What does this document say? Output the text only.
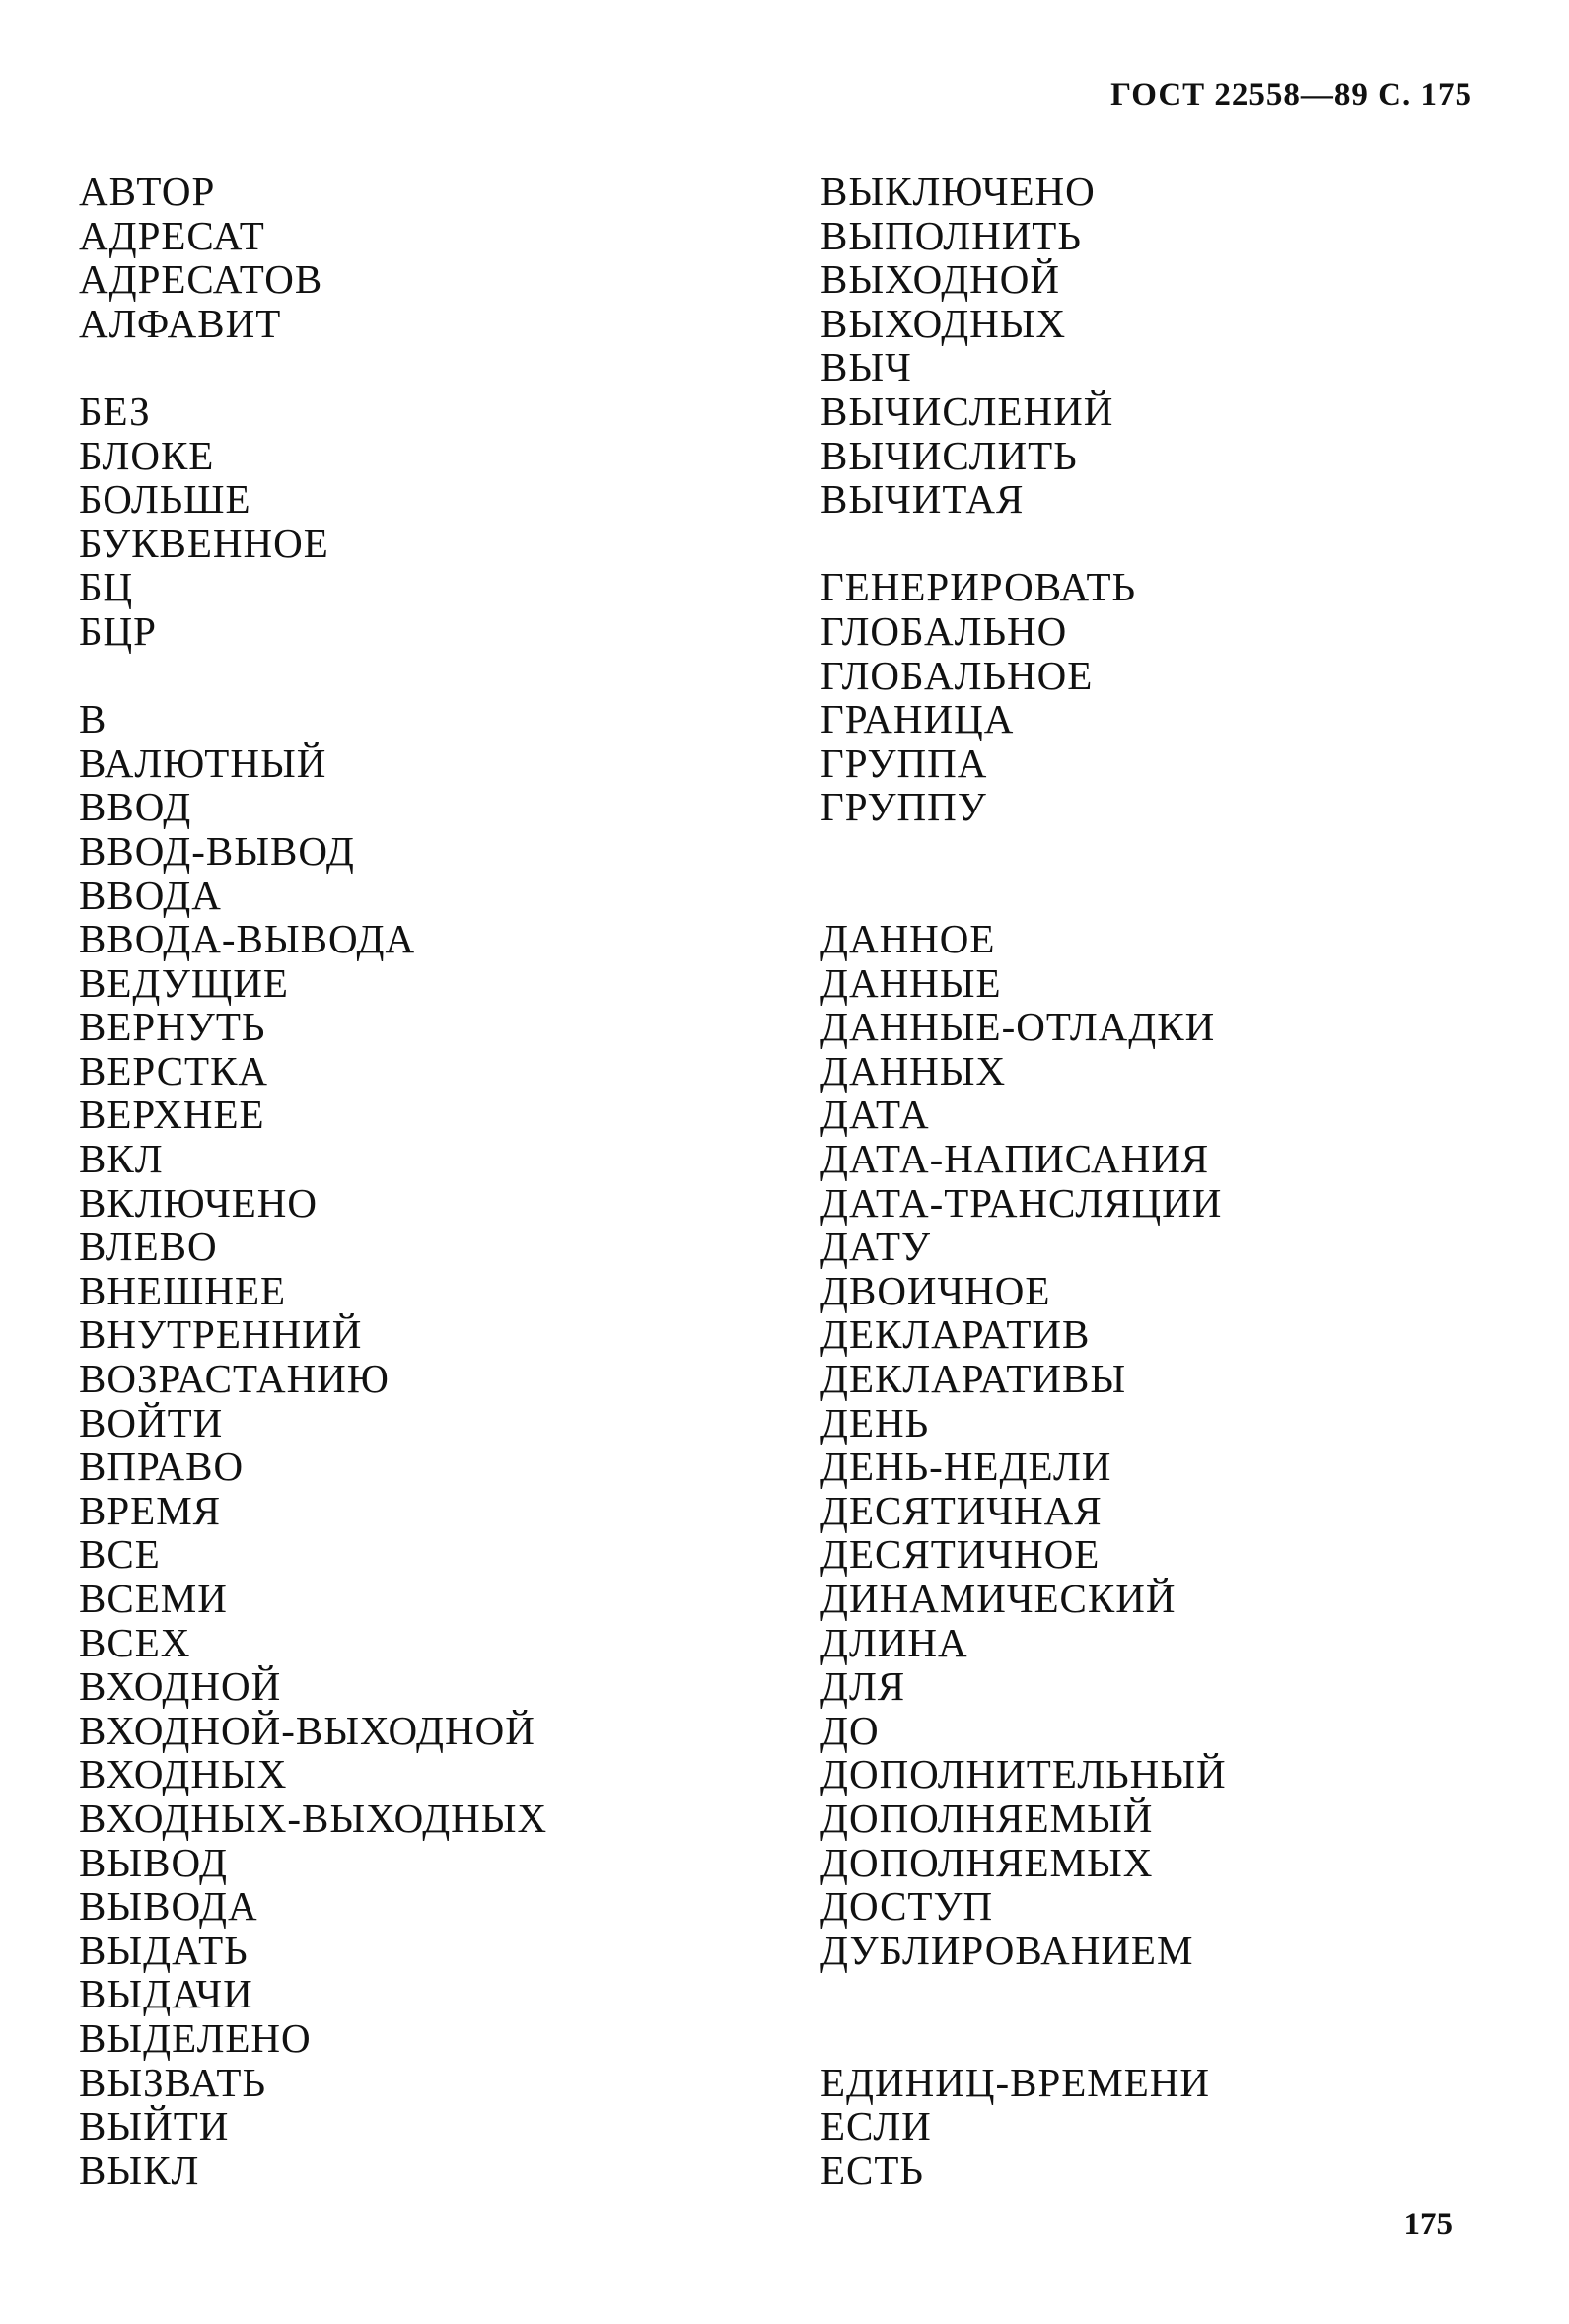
ГОСТ 22558—89 С. 175
АВТОР
АДРЕСАТ
АДРЕСАТОВ
АЛФАВИТ
БЕЗ
БЛОКЕ
БОЛЬШЕ
БУКВЕННОЕ
БЦ
БЦР
В
ВАЛЮТНЫЙ
ВВОД
ВВОД-ВЫВОД
ВВОДА
ВВОДА-ВЫВОДА
ВЕДУЩИЕ
ВЕРНУТЬ
ВЕРСТКА
ВЕРХНЕЕ
ВКЛ
ВКЛЮЧЕНО
ВЛЕВО
ВНЕШНЕЕ
ВНУТРЕННИЙ
ВОЗРАСТАНИЮ
ВОЙТИ
ВПРАВО
ВРЕМЯ
ВСЕ
ВСЕМИ
ВСЕХ
ВХОДНОЙ
ВХОДНОЙ-ВЫХОДНОЙ
ВХОДНЫХ
ВХОДНЫХ-ВЫХОДНЫХ
ВЫВОД
ВЫВОДА
ВЫДАТЬ
ВЫДАЧИ
ВЫДЕЛЕНО
ВЫЗВАТЬ
ВЫЙТИ
ВЫКЛ
ВЫКЛЮЧЕНО
ВЫПОЛНИТЬ
ВЫХОДНОЙ
ВЫХОДНЫХ
ВЫЧ
ВЫЧИСЛЕНИЙ
ВЫЧИСЛИТЬ
ВЫЧИТАЯ
ГЕНЕРИРОВАТЬ
ГЛОБАЛЬНО
ГЛОБАЛЬНОЕ
ГРАНИЦА
ГРУППА
ГРУППУ
ДАННОЕ
ДАННЫЕ
ДАННЫЕ-ОТЛАДКИ
ДАННЫХ
ДАТА
ДАТА-НАПИСАНИЯ
ДАТА-ТРАНСЛЯЦИИ
ДАТУ
ДВОИЧНОЕ
ДЕКЛАРАТИВ
ДЕКЛАРАТИВЫ
ДЕНЬ
ДЕНЬ-НЕДЕЛИ
ДЕСЯТИЧНАЯ
ДЕСЯТИЧНОЕ
ДИНАМИЧЕСКИЙ
ДЛИНА
ДЛЯ
ДО
ДОПОЛНИТЕЛЬНЫЙ
ДОПОЛНЯЕМЫЙ
ДОПОЛНЯЕМЫХ
ДОСТУП
ДУБЛИРОВАНИЕМ
ЕДИНИЦ-ВРЕМЕНИ
ЕСЛИ
ЕСТЬ
175
